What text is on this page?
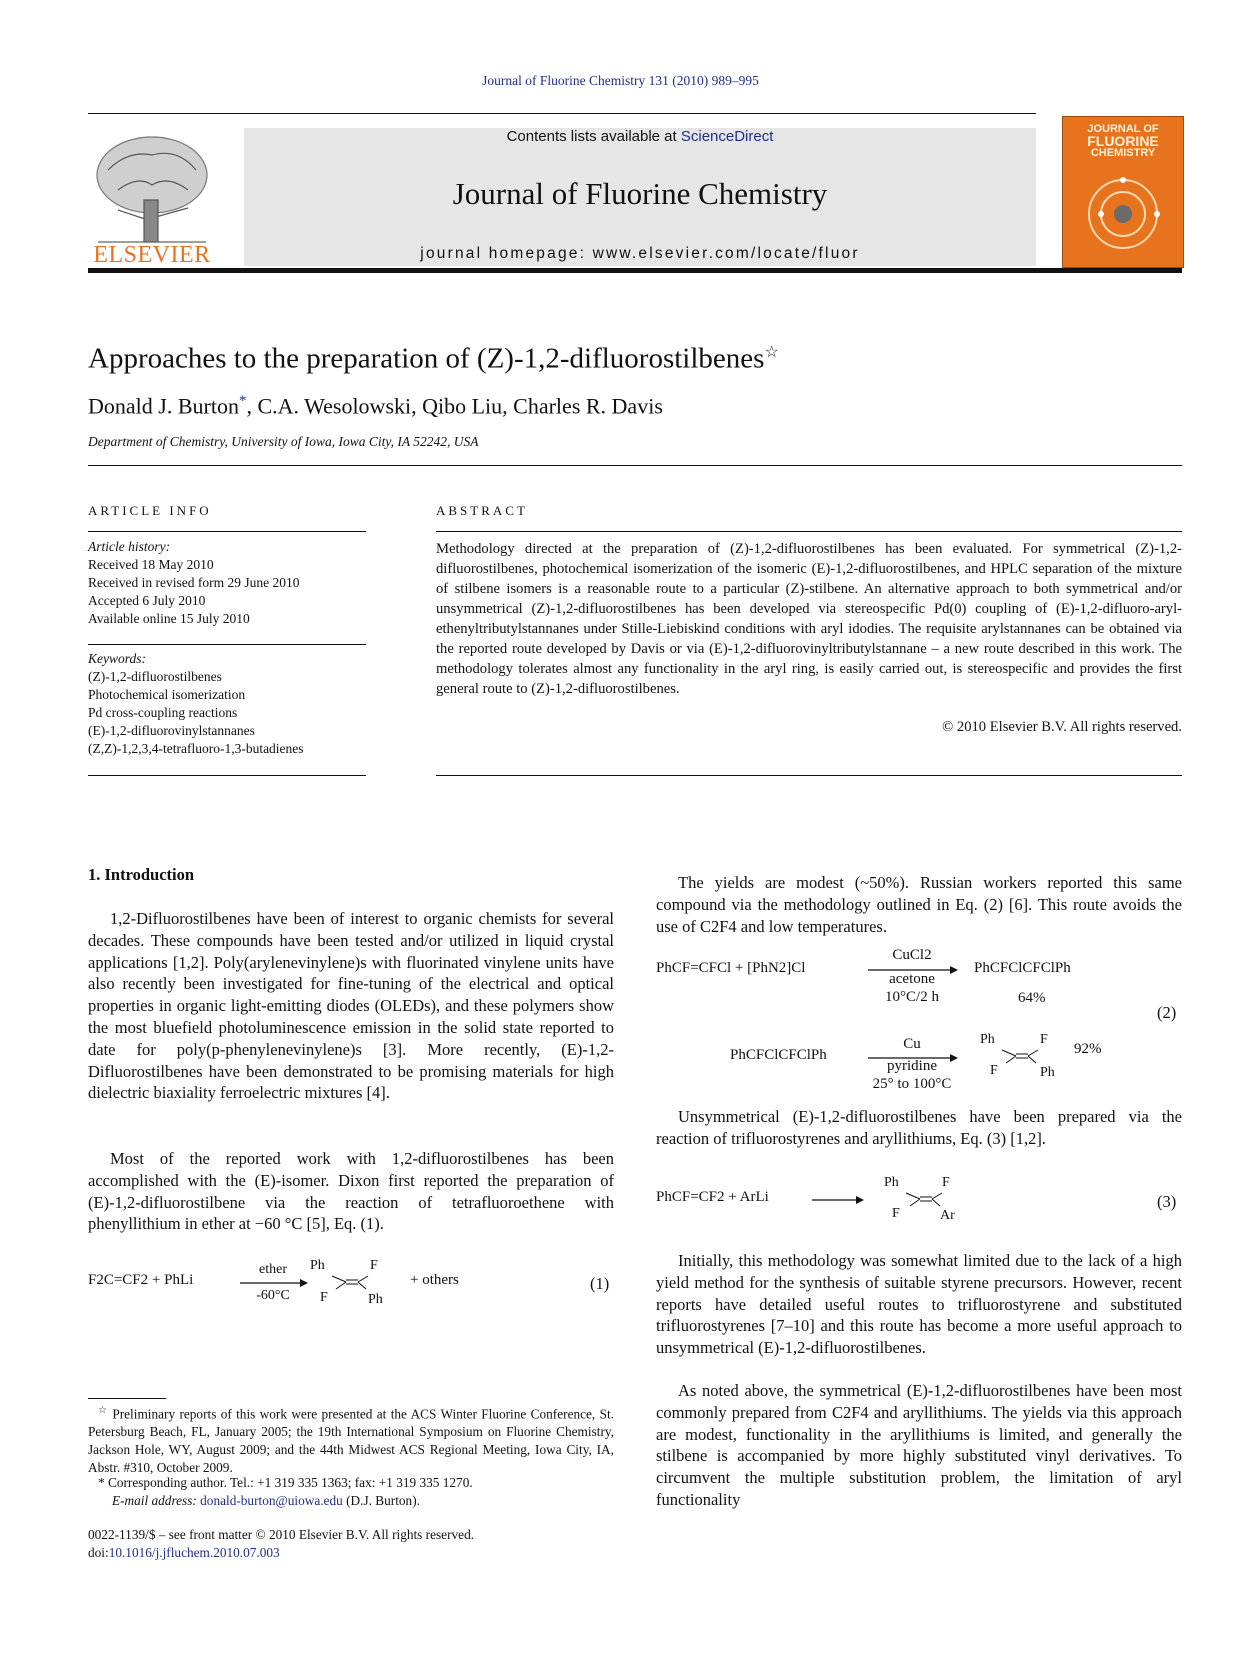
Journal of Fluorine Chemistry 131 (2010) 989–995
ELSEVIER
Contents lists available at ScienceDirect
Journal of Fluorine Chemistry
journal homepage: www.elsevier.com/locate/fluor
JOURNAL OF
FLUORINE
CHEMISTRY
Approaches to the preparation of (Z)-1,2-difluorostilbenes☆
Donald J. Burton*, C.A. Wesolowski, Qibo Liu, Charles R. Davis
Department of Chemistry, University of Iowa, Iowa City, IA 52242, USA
ARTICLE INFO
Article history:
Received 18 May 2010
Received in revised form 29 June 2010
Accepted 6 July 2010
Available online 15 July 2010
Keywords:
(Z)-1,2-difluorostilbenes
Photochemical isomerization
Pd cross-coupling reactions
(E)-1,2-difluorovinylstannanes
(Z,Z)-1,2,3,4-tetrafluoro-1,3-butadienes
ABSTRACT
Methodology directed at the preparation of (Z)-1,2-difluorostilbenes has been evaluated. For symmetrical (Z)-1,2-difluorostilbenes, photochemical isomerization of the isomeric (E)-1,2-difluorostilbenes, and HPLC separation of the mixture of stilbene isomers is a reasonable route to a particular (Z)-stilbene. An alternative approach to both symmetrical and/or unsymmetrical (Z)-1,2-difluorostilbenes has been developed via stereospecific Pd(0) coupling of (E)-1,2-difluoro-aryl-ethenyltributylstannanes under Stille-Liebiskind conditions with aryl idodies. The requisite arylstannanes can be obtained via the reported route developed by Davis or via (E)-1,2-difluorovinyltributylstannane – a new route described in this work. The methodology tolerates almost any functionality in the aryl ring, is easily carried out, is stereospecific and provides the first general route to (Z)-1,2-difluorostilbenes.
© 2010 Elsevier B.V. All rights reserved.
1. Introduction
1,2-Difluorostilbenes have been of interest to organic chemists for several decades. These compounds have been tested and/or utilized in liquid crystal applications [1,2]. Poly(arylenevinylene)s with fluorinated vinylene units have also recently been investigated for fine-tuning of the electrical and optical properties in organic light-emitting diodes (OLEDs), and these polymers show the most bluefield photoluminescence emission in the solid state reported to date for poly(p-phenylenevinylene)s [3]. More recently, (E)-1,2-Difluorostilbenes have been demonstrated to be promising materials for high dielectric biaxiality ferroelectric mixtures [4].
Most of the reported work with 1,2-difluorostilbenes has been accomplished with the (E)-isomer. Dixon first reported the preparation of (E)-1,2-difluorostilbene via the reaction of tetrafluoroethene with phenyllithium in ether at −60 °C [5], Eq. (1).
F2C=CF2 + PhLi
ether
-60°C
Ph	F
F	Ph
+ others	(1)
☆ Preliminary reports of this work were presented at the ACS Winter Fluorine Conference, St. Petersburg Beach, FL, January 2005; the 19th International Symposium on Fluorine Chemistry, Jackson Hole, WY, August 2009; and the 44th Midwest ACS Regional Meeting, Iowa City, IA, Abstr. #310, October 2009.
* Corresponding author. Tel.: +1 319 335 1363; fax: +1 319 335 1270.
E-mail address: donald-burton@uiowa.edu (D.J. Burton).
0022-1139/$ – see front matter © 2010 Elsevier B.V. All rights reserved.
doi:10.1016/j.jfluchem.2010.07.003
The yields are modest (~50%). Russian workers reported this same compound via the methodology outlined in Eq. (2) [6]. This route avoids the use of C2F4 and low temperatures.
PhCF=CFCl + [PhN2]Cl
CuCl2
acetone
10°C/2 h
PhCFClCFClPh
64%
PhCFClCFClPh
Cu
pyridine
25° to 100°C
Ph	F
F	Ph
92%
(2)
Unsymmetrical (E)-1,2-difluorostilbenes have been prepared via the reaction of trifluorostyrenes and aryllithiums, Eq. (3) [1,2].
PhCF=CF2 + ArLi
Ph	F
F	Ar
(3)
Initially, this methodology was somewhat limited due to the lack of a high yield method for the synthesis of suitable styrene precursors. However, recent reports have detailed useful routes to trifluorostyrene and substituted trifluorostyrenes [7–10] and this route has become a more useful approach to unsymmetrical (E)-1,2-difluorostilbenes.
As noted above, the symmetrical (E)-1,2-difluorostilbenes have been most commonly prepared from C2F4 and aryllithiums. The yields via this approach are modest, functionality in the aryllithiums is limited, and generally the stilbene is accompanied by more highly substituted vinyl derivatives. To circumvent the multiple substitution problem, the limitation of aryl functionality
